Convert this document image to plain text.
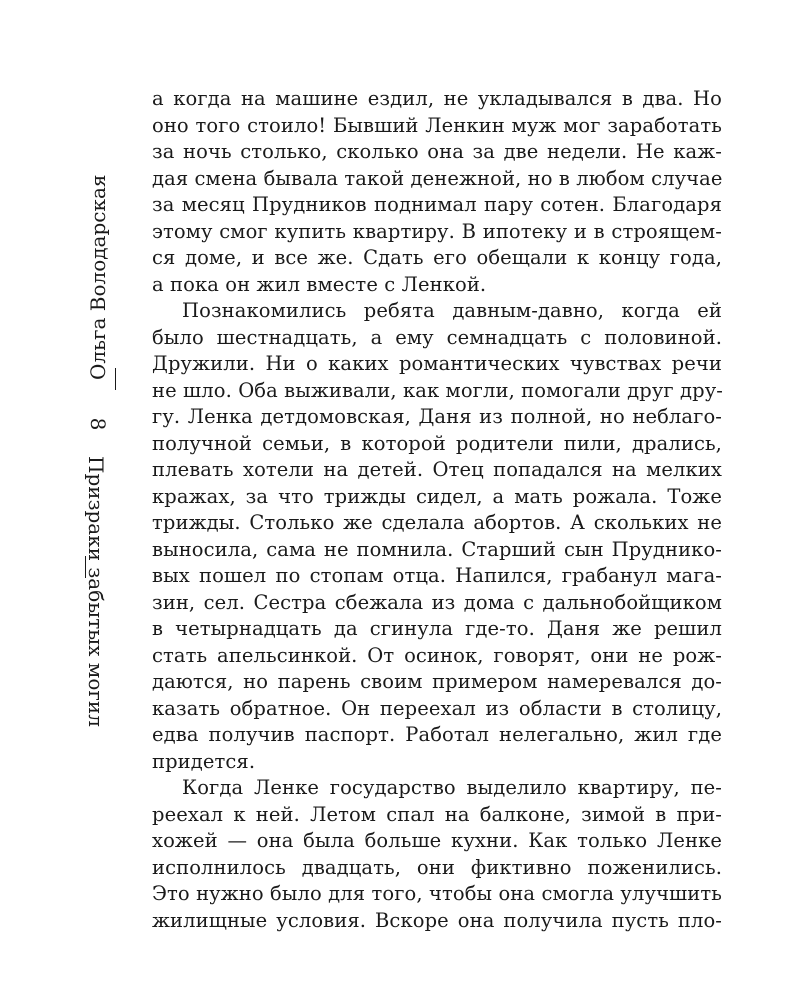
Ольга Володарская
8
Призраки забытых могил
а когда на машине ездил, не укладывался в два. Но
оно того стоило! Бывший Ленкин муж мог заработать
за ночь столько, сколько она за две недели. Не каж-
дая смена бывала такой денежной, но в любом случае
за месяц Прудников поднимал пару сотен. Благодаря
этому смог купить квартиру. В ипотеку и в строящем-
ся доме, и все же. Сдать его обещали к концу года,
а пока он жил вместе с Ленкой.
Познакомились ребята давным-давно, когда ей
было шестнадцать, а ему семнадцать с половиной.
Дружили. Ни о каких романтических чувствах речи
не шло. Оба выживали, как могли, помогали друг дру-
гу. Ленка детдомовская, Даня из полной, но неблаго-
получной семьи, в которой родители пили, дрались,
плевать хотели на детей. Отец попадался на мелких
кражах, за что трижды сидел, а мать рожала. Тоже
трижды. Столько же сделала абортов. А скольких не
выносила, сама не помнила. Старший сын Прудникo-
вых пошел по стопам отца. Напился, грабанул мага-
зин, сел. Сестра сбежала из дома с дальнобойщиком
в четырнадцать да сгинула где-то. Даня же решил
стать апельсинкой. От осинок, говорят, они не рож-
даются, но парень своим примером намеревался до-
казать обратное. Он переехал из области в столицу,
едва получив паспорт. Работал нелегально, жил где
придется.
Когда Ленке государство выделило квартиру, пе-
реехал к ней. Летом спал на балконе, зимой в при-
хожей — она была больше кухни. Как только Ленке
исполнилось двадцать, они фиктивно поженились.
Это нужно было для того, чтобы она смогла улучшить
жилищные условия. Вскоре она получила пусть пло-
